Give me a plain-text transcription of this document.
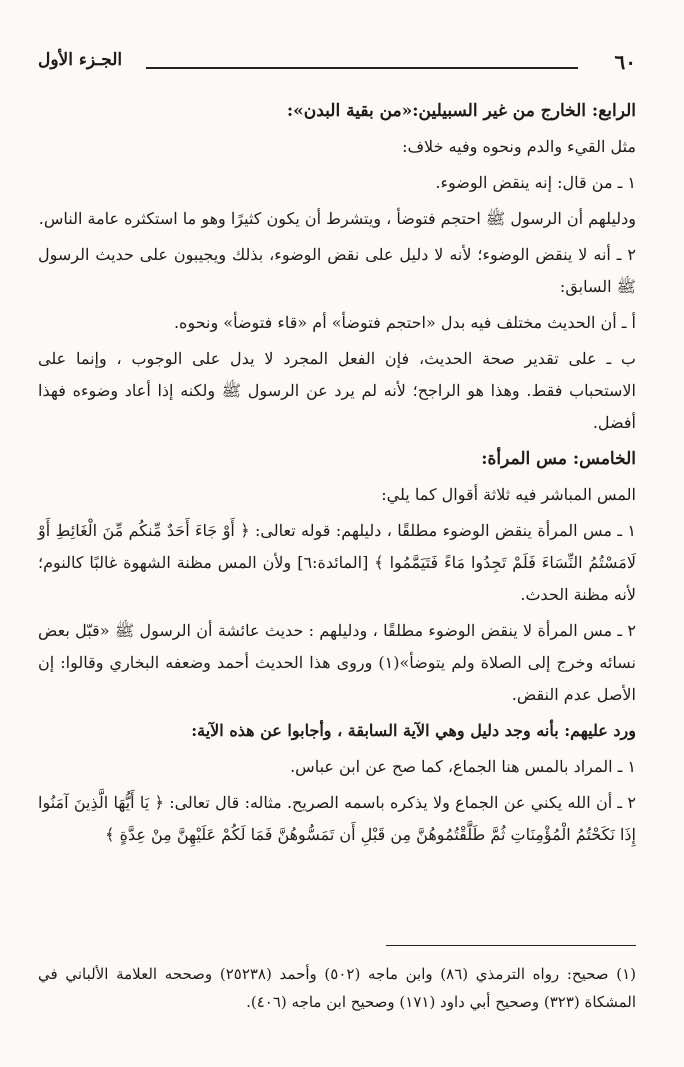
٦٠
الجـزء الأول

الرابع: الخارج من غير السبيلين:«من بقية البدن»:

مثل القيء والدم ونحوه وفيه خلاف:

١ ـ من قال: إنه ينقض الوضوء.

ودليلهم أن الرسول ﷺ احتجم فتوضأ ، ويتشرط أن يكون كثيرًا وهو ما استكثره عامة الناس.

٢ ـ أنه لا ينقض الوضوء؛ لأنه لا دليل على نقض الوضوء، بذلك ويجيبون على حديث الرسول ﷺ السابق:

أ ـ أن الحديث مختلف فيه بدل «احتجم فتوضأ» أم «قاء فتوضأ» ونحوه.

ب ـ على تقدير صحة الحديث، فإن الفعل المجرد لا يدل على الوجوب ، وإنما على الاستحباب فقط. وهذا هو الراجح؛ لأنه لم يرد عن الرسول ﷺ ولكنه إذا أعاد وضوءه فهذا أفضل.

الخامس: مس المرأة:

المس المباشر فيه ثلاثة أقوال كما يلي:

١ ـ مس المرأة ينقض الوضوء مطلقًا ، دليلهم: قوله تعالى: ﴿ أَوْ جَاءَ أَحَدٌ مِّنكُم مِّنَ الْغَائِطِ أَوْ لَامَسْتُمُ النِّسَاءَ فَلَمْ تَجِدُوا مَاءً فَتَيَمَّمُوا ﴾ [المائدة:٦] ولأن المس مظنة الشهوة غالبًا كالنوم؛ لأنه مظنة الحدث.

٢ ـ مس المرأة لا ينقض الوضوء مطلقًا ، ودليلهم : حديث عائشة أن الرسول ﷺ «قبّل بعض نسائه وخرج إلى الصلاة ولم يتوضأ»(١) وروى هذا الحديث أحمد وضعفه البخاري وقالوا: إن الأصل عدم النقض.

ورد عليهم: بأنه وجد دليل وهي الآية السابقة ، وأجابوا عن هذه الآية:

١ ـ المراد بالمس هنا الجماع، كما صح عن ابن عباس.

٢ ـ أن الله يكني عن الجماع ولا يذكره باسمه الصريح. مثاله: قال تعالى: ﴿ يَا أَيُّهَا الَّذِينَ آمَنُوا إِذَا نَكَحْتُمُ الْمُؤْمِنَاتِ ثُمَّ طَلَّقْتُمُوهُنَّ مِن قَبْلِ أَن تَمَسُّوهُنَّ فَمَا لَكُمْ عَلَيْهِنَّ مِنْ عِدَّةٍ ﴾

(١) صحيح: رواه الترمذي (٨٦) وابن ماجه (٥٠٢) وأحمد (٢٥٢٣٨) وصححه العلامة الألباني في المشكاة (٣٢٣) وصحيح أبي داود (١٧١) وصحيح ابن ماجه (٤٠٦).
